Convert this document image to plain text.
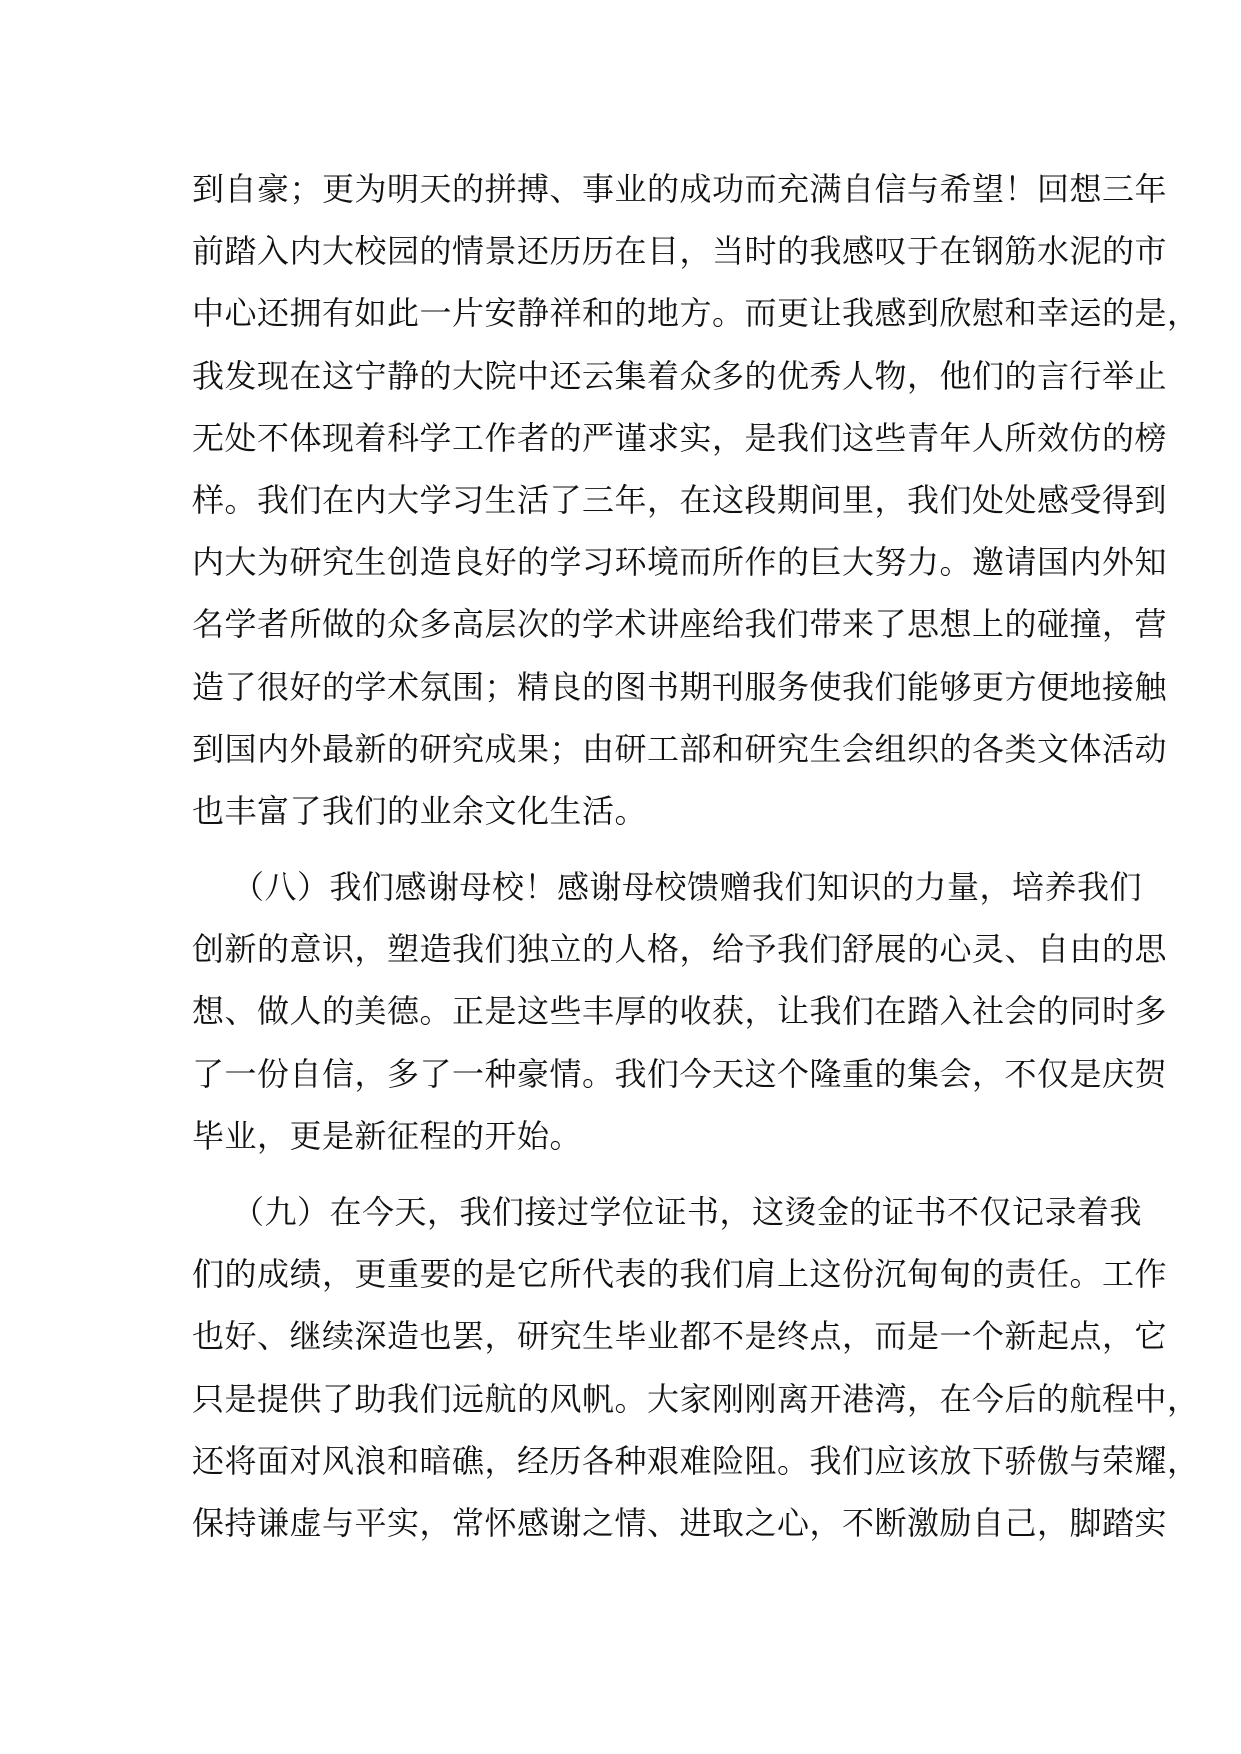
到自豪；更为明天的拼搏、事业的成功而充满自信与希望！回想三年
前踏入内大校园的情景还历历在目，当时的我感叹于在钢筋水泥的市
中心还拥有如此一片安静祥和的地方。而更让我感到欣慰和幸运的是，
我发现在这宁静的大院中还云集着众多的优秀人物，他们的言行举止
无处不体现着科学工作者的严谨求实，是我们这些青年人所效仿的榜
样。我们在内大学习生活了三年，在这段期间里，我们处处感受得到
内大为研究生创造良好的学习环境而所作的巨大努力。邀请国内外知
名学者所做的众多高层次的学术讲座给我们带来了思想上的碰撞，营
造了很好的学术氛围；精良的图书期刊服务使我们能够更方便地接触
到国内外最新的研究成果；由研工部和研究生会组织的各类文体活动
也丰富了我们的业余文化生活。
（八）我们感谢母校！感谢母校馈赠我们知识的力量，培养我们
创新的意识，塑造我们独立的人格，给予我们舒展的心灵、自由的思
想、做人的美德。正是这些丰厚的收获，让我们在踏入社会的同时多
了一份自信，多了一种豪情。我们今天这个隆重的集会，不仅是庆贺
毕业，更是新征程的开始。
（九）在今天，我们接过学位证书，这烫金的证书不仅记录着我
们的成绩，更重要的是它所代表的我们肩上这份沉甸甸的责任。工作
也好、继续深造也罢，研究生毕业都不是终点，而是一个新起点，它
只是提供了助我们远航的风帆。大家刚刚离开港湾，在今后的航程中，
还将面对风浪和暗礁，经历各种艰难险阻。我们应该放下骄傲与荣耀，
保持谦虚与平实，常怀感谢之情、进取之心，不断激励自己，脚踏实
